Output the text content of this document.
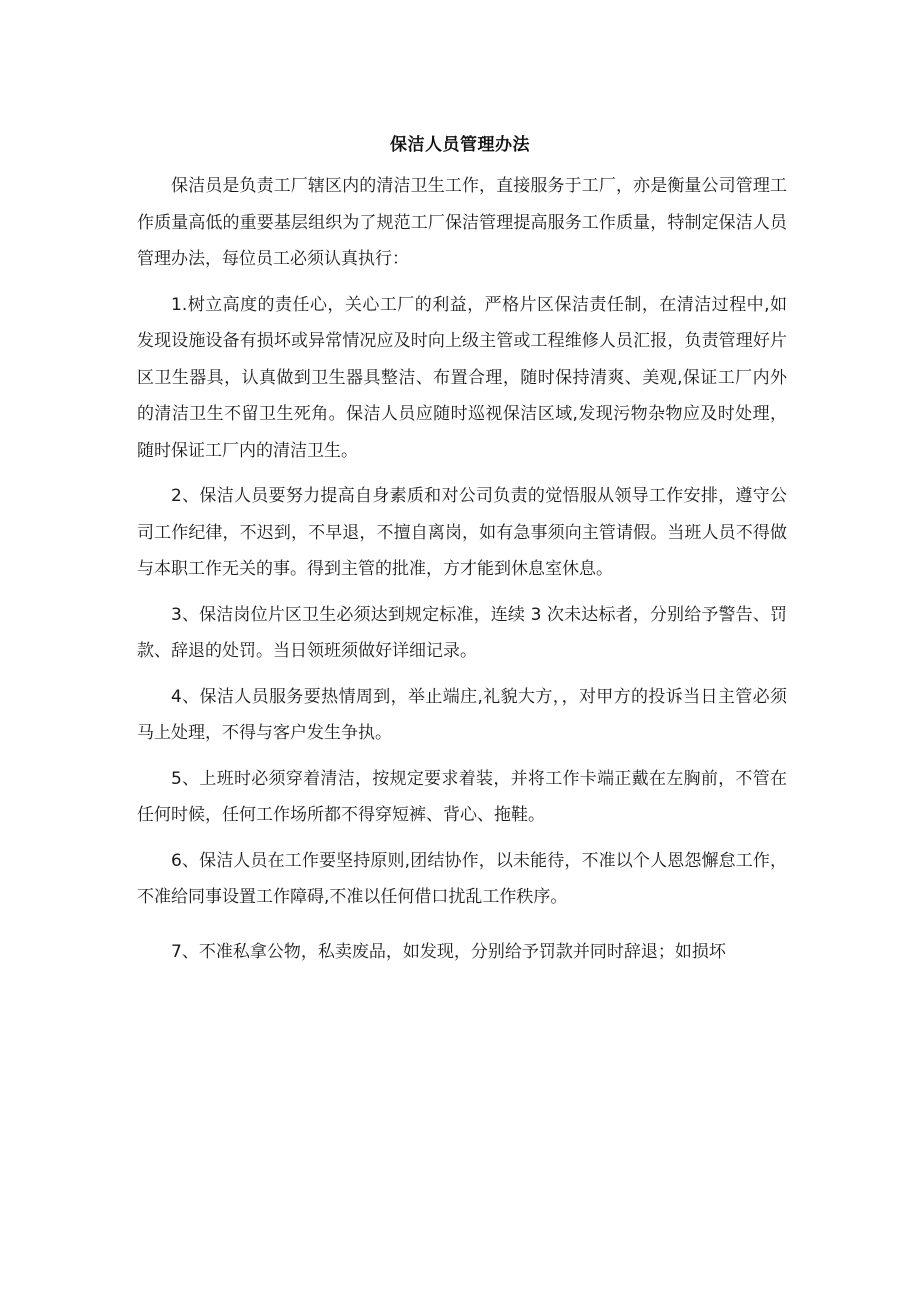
保洁人员管理办法

保洁员是负责工厂辖区内的清洁卫生工作，直接服务于工厂，亦是衡量公司管理工作质量高低的重要基层组织为了规范工厂保洁管理提高服务工作质量，特制定保洁人员管理办法，每位员工必须认真执行：

1.树立高度的责任心，关心工厂的利益，严格片区保洁责任制，在清洁过程中,如发现设施设备有损坏或异常情况应及时向上级主管或工程维修人员汇报，负责管理好片区卫生器具，认真做到卫生器具整洁、布置合理，随时保持清爽、美观,保证工厂内外的清洁卫生不留卫生死角。保洁人员应随时巡视保洁区域,发现污物杂物应及时处理，随时保证工厂内的清洁卫生。

2、保洁人员要努力提高自身素质和对公司负责的觉悟服从领导工作安排，遵守公司工作纪律，不迟到，不早退，不擅自离岗，如有急事须向主管请假。当班人员不得做与本职工作无关的事。得到主管的批准，方才能到休息室休息。

3、保洁岗位片区卫生必须达到规定标准，连续 3 次未达标者，分别给予警告、罚款、辞退的处罚。当日领班须做好详细记录。

4、保洁人员服务要热情周到，举止端庄,礼貌大方，，对甲方的投诉当日主管必须马上处理，不得与客户发生争执。

5、上班时必须穿着清洁，按规定要求着装，并将工作卡端正戴在左胸前，不管在任何时候，任何工作场所都不得穿短裤、背心、拖鞋。

6、保洁人员在工作要坚持原则,团结协作，以未能待，不准以个人恩怨懈怠工作，不准给同事设置工作障碍,不准以任何借口扰乱工作秩序。

7、不准私拿公物，私卖废品，如发现，分别给予罚款并同时辞退；如损坏
